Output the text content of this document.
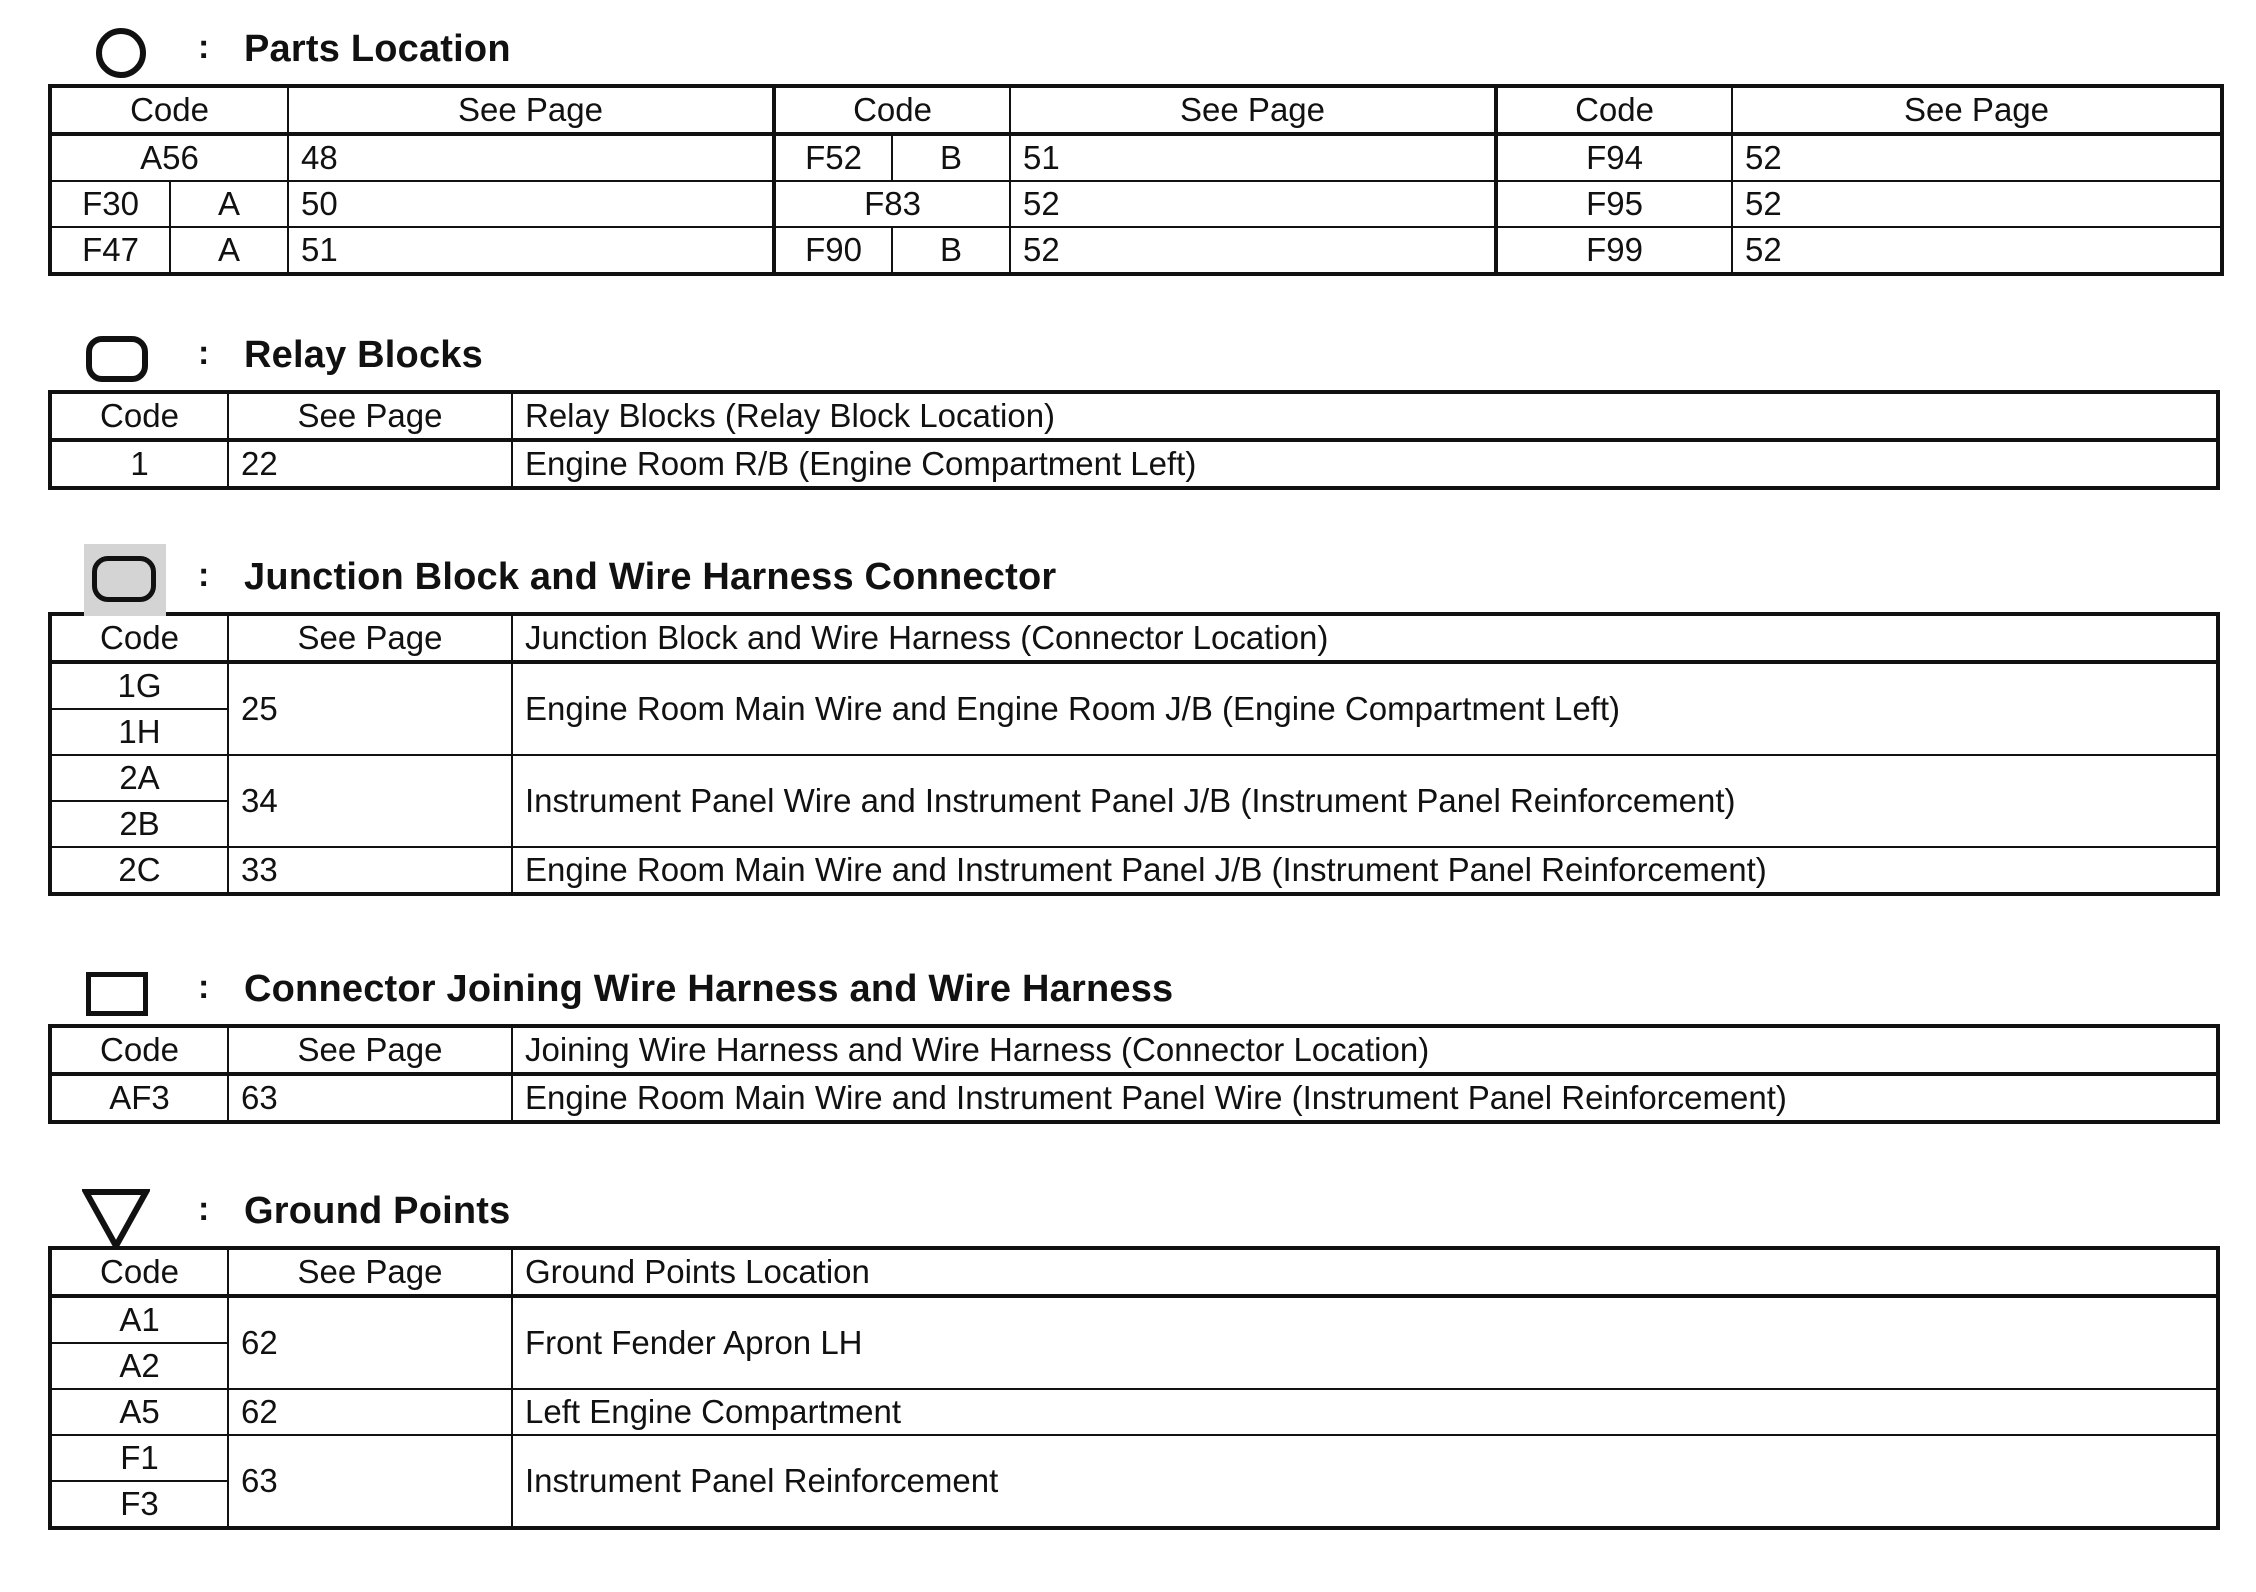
: Parts Location
Code		See Page	Code		See Page	Code	See Page
A56		48	F52	B	51	F94	52
F30	A	50	F83		52	F95	52
F47	A	51	F90	B	52	F99	52
: Relay Blocks
Code	See Page	Relay Blocks (Relay Block Location)
1	22	Engine Room R/B (Engine Compartment Left)
: Junction Block and Wire Harness Connector
Code	See Page	Junction Block and Wire Harness (Connector Location)
1G	25	Engine Room Main Wire and Engine Room J/B (Engine Compartment Left)
1H		
2A	34	Instrument Panel Wire and Instrument Panel J/B (Instrument Panel Reinforcement)
2B		
2C	33	Engine Room Main Wire and Instrument Panel J/B (Instrument Panel Reinforcement)
: Connector Joining Wire Harness and Wire Harness
Code	See Page	Joining Wire Harness and Wire Harness (Connector Location)
AF3	63	Engine Room Main Wire and Instrument Panel Wire (Instrument Panel Reinforcement)
: Ground Points
Code	See Page	Ground Points Location
A1	62	Front Fender Apron LH
A2		
A5	62	Left Engine Compartment
F1	63	Instrument Panel Reinforcement
F3		
